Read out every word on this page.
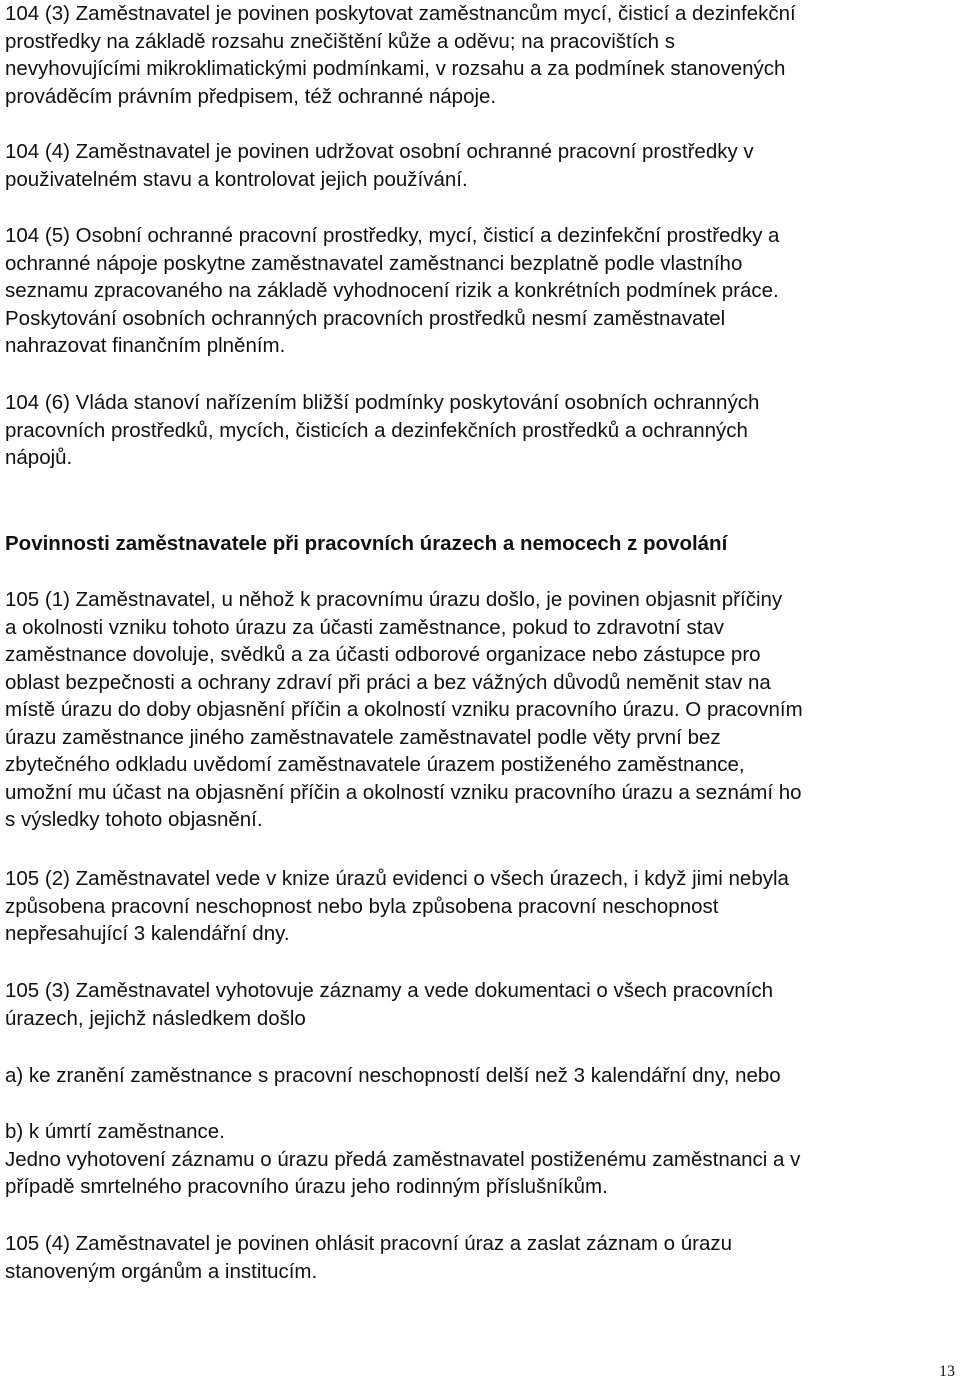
104 (3) Zaměstnavatel je povinen poskytovat zaměstnancům mycí, čisticí a dezinfekční
prostředky na základě rozsahu znečištění kůže a oděvu; na pracovištích s
nevyhovujícími mikroklimatickými podmínkami, v rozsahu a za podmínek stanovených
prováděcím právním předpisem, též ochranné nápoje.
104 (4) Zaměstnavatel je povinen udržovat osobní ochranné pracovní prostředky v
použivatelném stavu a kontrolovat jejich používání.
104 (5) Osobní ochranné pracovní prostředky, mycí, čisticí a dezinfekční prostředky a
ochranné nápoje poskytne zaměstnavatel zaměstnanci bezplatně podle vlastního
seznamu zpracovaného na základě vyhodnocení rizik a konkrétních podmínek práce.
Poskytování osobních ochranných pracovních prostředků nesmí zaměstnavatel
nahrazovat finančním plněním.
104 (6) Vláda stanoví nařízením bližší podmínky poskytování osobních ochranných
pracovních prostředků, mycích, čisticích a dezinfekčních prostředků a ochranných
nápojů.
Povinnosti zaměstnavatele při pracovních úrazech a nemocech z povolání
105 (1) Zaměstnavatel, u něhož k pracovnímu úrazu došlo, je povinen objasnit příčiny
a okolnosti vzniku tohoto úrazu za účasti zaměstnance, pokud to zdravotní stav
zaměstnance dovoluje, svědků a za účasti odborové organizace nebo zástupce pro
oblast bezpečnosti a ochrany zdraví při práci a bez vážných důvodů neměnit stav na
místě úrazu do doby objasnění příčin a okolností vzniku pracovního úrazu. O pracovním
úrazu zaměstnance jiného zaměstnavatele zaměstnavatel podle věty první bez
zbytečného odkladu uvědomí zaměstnavatele úrazem postiženého zaměstnance,
umožní mu účast na objasnění příčin a okolností vzniku pracovního úrazu a seznámí ho
s výsledky tohoto objasnění.
105 (2) Zaměstnavatel vede v knize úrazů evidenci o všech úrazech, i když jimi nebyla
způsobena pracovní neschopnost nebo byla způsobena pracovní neschopnost
nepřesahující 3 kalendářní dny.
105 (3) Zaměstnavatel vyhotovuje záznamy a vede dokumentaci o všech pracovních
úrazech, jejichž následkem došlo
a) ke zranění zaměstnance s pracovní neschopností delší než 3 kalendářní dny, nebo
b) k úmrtí zaměstnance.
Jedno vyhotovení záznamu o úrazu předá zaměstnavatel postiženému zaměstnanci a v
případě smrtelného pracovního úrazu jeho rodinným příslušníkům.
105 (4) Zaměstnavatel je povinen ohlásit pracovní úraz a zaslat záznam o úrazu
stanoveným orgánům a institucím.
13
